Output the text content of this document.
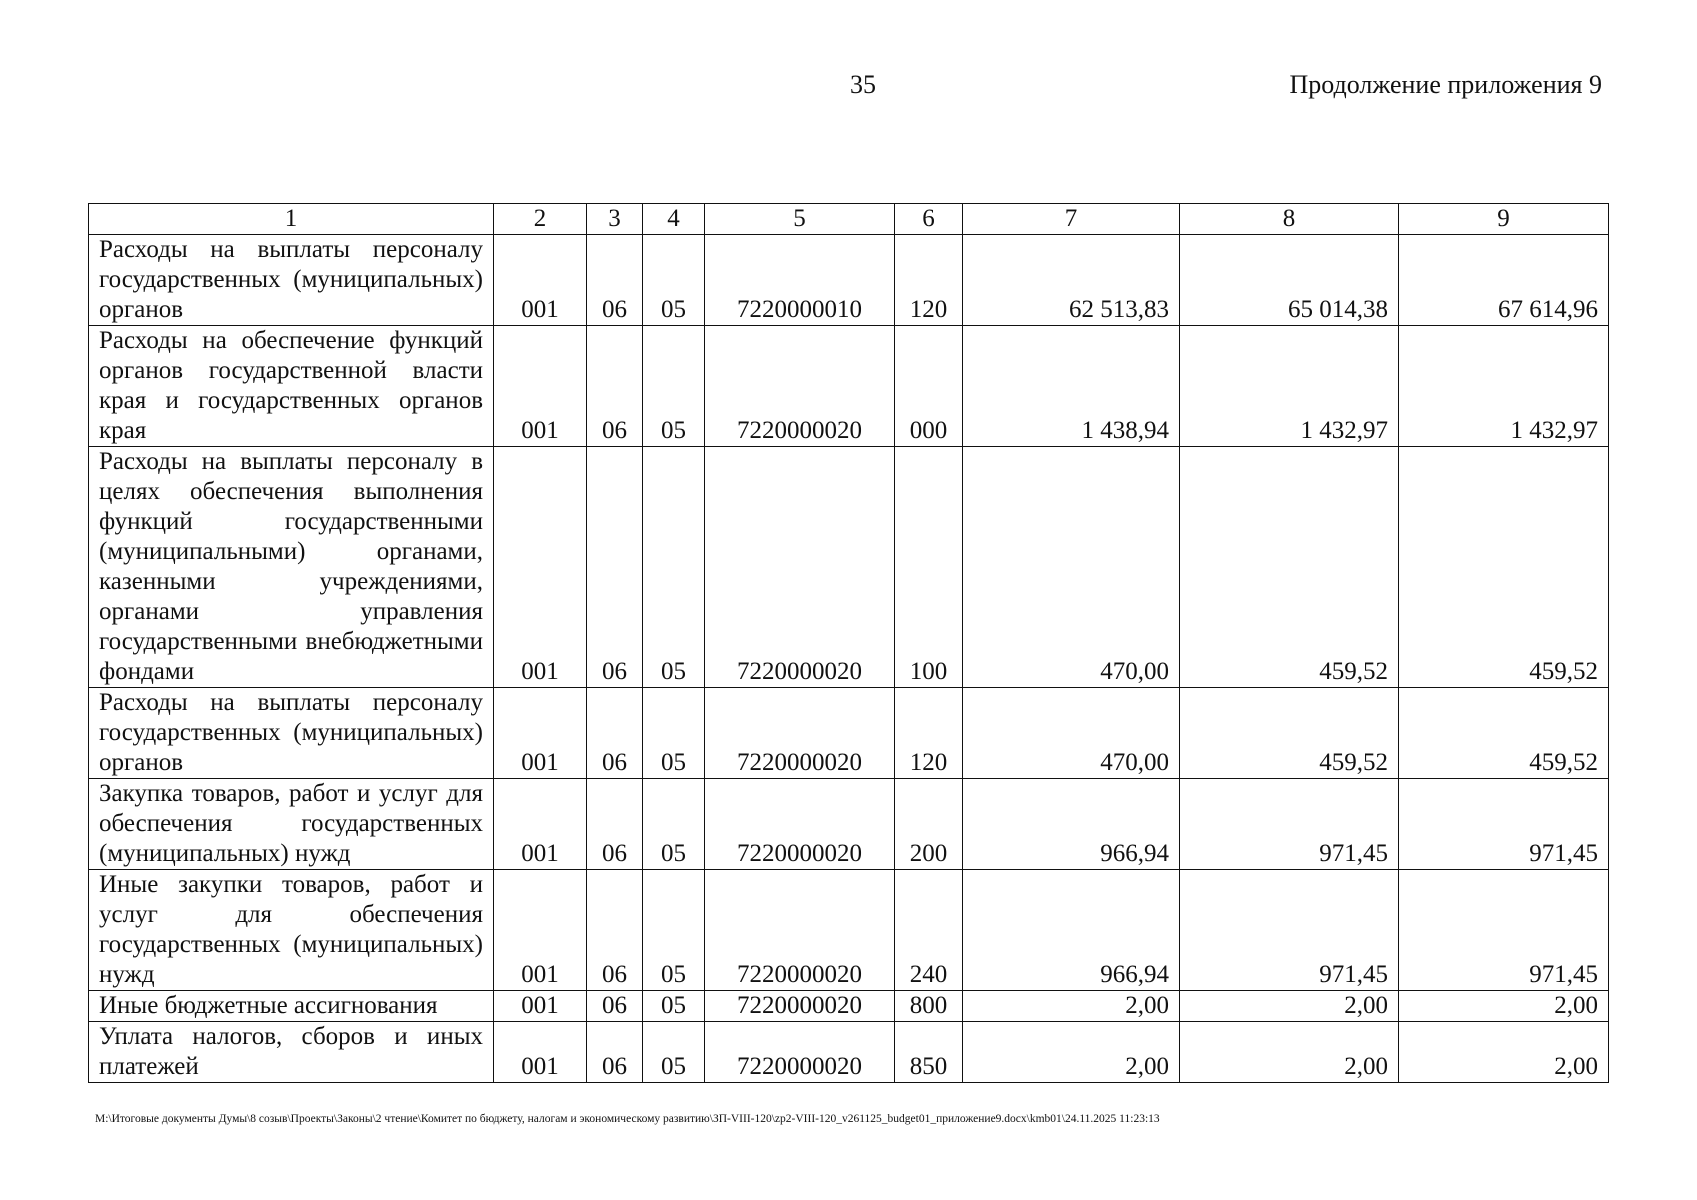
35	Продолжение приложения 9
1	2	3	4	5	6	7	8	9
Расходы на выплаты персоналу государственных (муниципальных) органов	001	06	05	7220000010	120	62 513,83	65 014,38	67 614,96
Расходы на обеспечение функций органов государственной власти края и государственных органов края	001	06	05	7220000020	000	1 438,94	1 432,97	1 432,97
Расходы на выплаты персоналу в целях обеспечения выполнения функций государственными (муниципальными) органами, казенными учреждениями, органами управления государственными внебюджетными фондами	001	06	05	7220000020	100	470,00	459,52	459,52
Расходы на выплаты персоналу государственных (муниципальных) органов	001	06	05	7220000020	120	470,00	459,52	459,52
Закупка товаров, работ и услуг для обеспечения государственных (муниципальных) нужд	001	06	05	7220000020	200	966,94	971,45	971,45
Иные закупки товаров, работ и услуг для обеспечения государственных (муниципальных) нужд	001	06	05	7220000020	240	966,94	971,45	971,45
Иные бюджетные ассигнования	001	06	05	7220000020	800	2,00	2,00	2,00
Уплата налогов, сборов и иных платежей	001	06	05	7220000020	850	2,00	2,00	2,00
М:\Итоговые документы Думы\8 созыв\Проекты\Законы\2 чтение\Комитет по бюджету, налогам и экономическому развитию\ЗП-VIII-120\zp2-VIII-120_v261125_budget01_приложение9.docx\kmb01\24.11.2025 11:23:13
